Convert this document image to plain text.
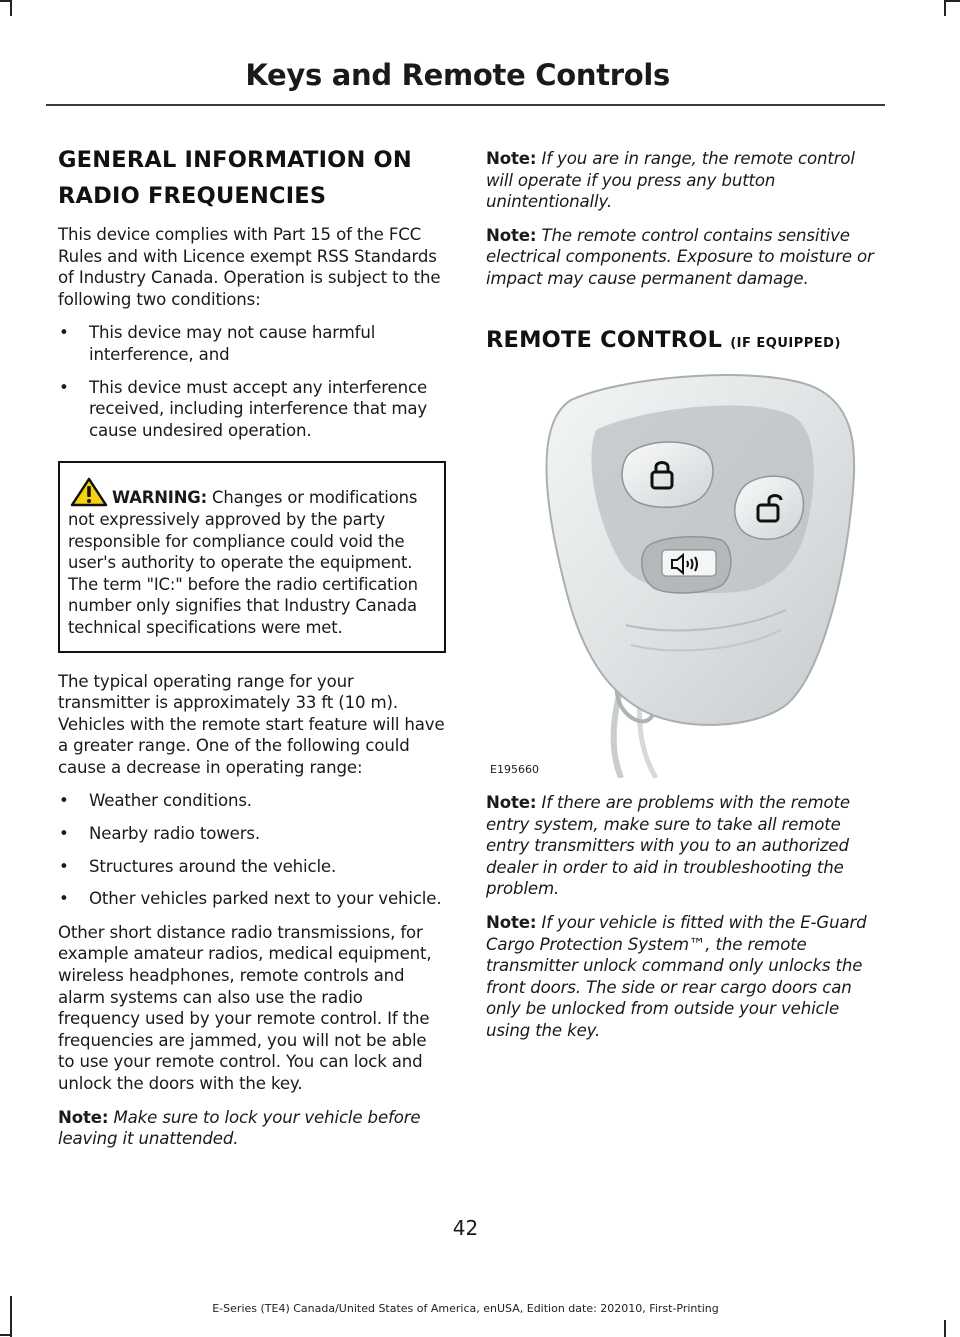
Keys and Remote Controls
GENERAL INFORMATION ON
RADIO FREQUENCIES

This device complies with Part 15 of the FCC Rules and with Licence exempt RSS Standards of Industry Canada. Operation is subject to the following two conditions:

• This device may not cause harmful interference, and
• This device must accept any interference received, including interference that may cause undesired operation.

WARNING: Changes or modifications not expressively approved by the party responsible for compliance could void the user's authority to operate the equipment. The term "IC:" before the radio certification number only signifies that Industry Canada technical specifications were met.

The typical operating range for your transmitter is approximately 33 ft (10 m). Vehicles with the remote start feature will have a greater range. One of the following could cause a decrease in operating range:

• Weather conditions.
• Nearby radio towers.
• Structures around the vehicle.
• Other vehicles parked next to your vehicle.

Other short distance radio transmissions, for example amateur radios, medical equipment, wireless headphones, remote controls and alarm systems can also use the radio frequency used by your remote control. If the frequencies are jammed, you will not be able to use your remote control. You can lock and unlock the doors with the key.

Note: Make sure to lock your vehicle before leaving it unattended.

Note: If you are in range, the remote control will operate if you press any button unintentionally.

Note: The remote control contains sensitive electrical components. Exposure to moisture or impact may cause permanent damage.

REMOTE CONTROL (IF EQUIPPED)
E195660

Note: If there are problems with the remote entry system, make sure to take all remote entry transmitters with you to an authorized dealer in order to aid in troubleshooting the problem.

Note: If your vehicle is fitted with the E-Guard Cargo Protection System™, the remote transmitter unlock command only unlocks the front doors. The side or rear cargo doors can only be unlocked from outside your vehicle using the key.

42
E-Series (TE4) Canada/United States of America, enUSA, Edition date: 202010, First-Printing
